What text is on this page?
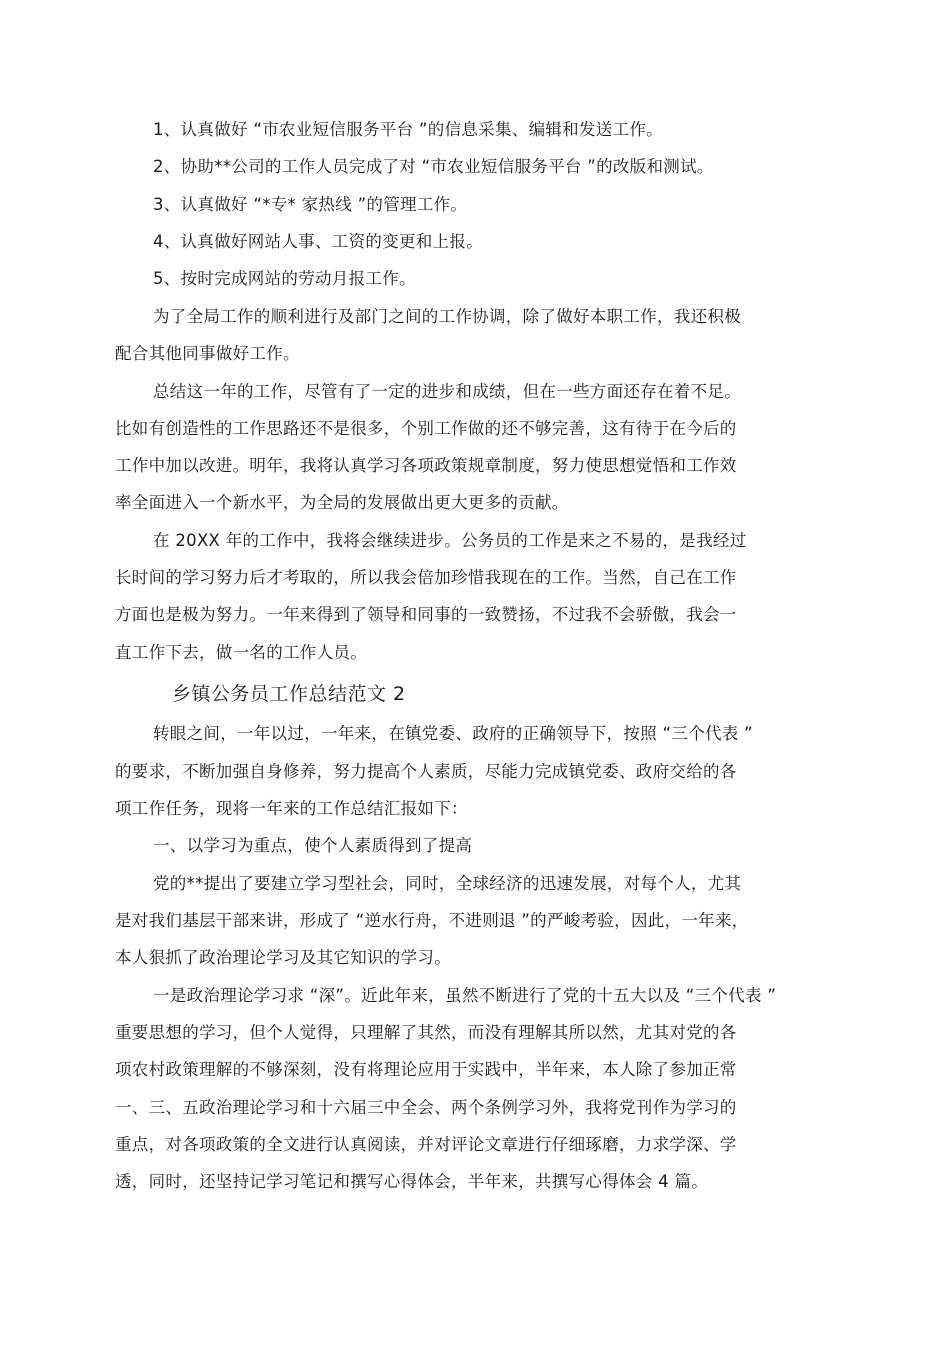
1、认真做好 “市农业短信服务平台 ”的信息采集、编辑和发送工作。
2、协助**公司的工作人员完成了对 “市农业短信服务平台 ”的改版和测试。
3、认真做好 “*专* 家热线 ”的管理工作。
4、认真做好网站人事、工资的变更和上报。
5、按时完成网站的劳动月报工作。
为了全局工作的顺利进行及部门之间的工作协调，除了做好本职工作，我还积极
配合其他同事做好工作。
总结这一年的工作，尽管有了一定的进步和成绩，但在一些方面还存在着不足。
比如有创造性的工作思路还不是很多，个别工作做的还不够完善，这有待于在今后的
工作中加以改进。明年，我将认真学习各项政策规章制度，努力使思想觉悟和工作效
率全面进入一个新水平，为全局的发展做出更大更多的贡献。
在 20XX 年的工作中，我将会继续进步。公务员的工作是来之不易的，是我经过
长时间的学习努力后才考取的，所以我会倍加珍惜我现在的工作。当然，自己在工作
方面也是极为努力。一年来得到了领导和同事的一致赞扬，不过我不会骄傲，我会一
直工作下去，做一名的工作人员。
乡镇公务员工作总结范文 2
转眼之间，一年以过，一年来，在镇党委、政府的正确领导下，按照 “三个代表 ”
的要求，不断加强自身修养，努力提高个人素质，尽能力完成镇党委、政府交给的各
项工作任务，现将一年来的工作总结汇报如下：
一、以学习为重点，使个人素质得到了提高
党的**提出了要建立学习型社会，同时，全球经济的迅速发展，对每个人，尤其
是对我们基层干部来讲，形成了 “逆水行舟，不进则退 ”的严峻考验，因此，一年来，
本人狠抓了政治理论学习及其它知识的学习。
一是政治理论学习求 “深”。近此年来，虽然不断进行了党的十五大以及 “三个代表 ”
重要思想的学习，但个人觉得，只理解了其然，而没有理解其所以然，尤其对党的各
项农村政策理解的不够深刻，没有将理论应用于实践中，半年来，本人除了参加正常
一、三、五政治理论学习和十六届三中全会、两个条例学习外，我将党刊作为学习的
重点，对各项政策的全文进行认真阅读，并对评论文章进行仔细琢磨，力求学深、学
透，同时，还坚持记学习笔记和撰写心得体会，半年来，共撰写心得体会 4 篇。
